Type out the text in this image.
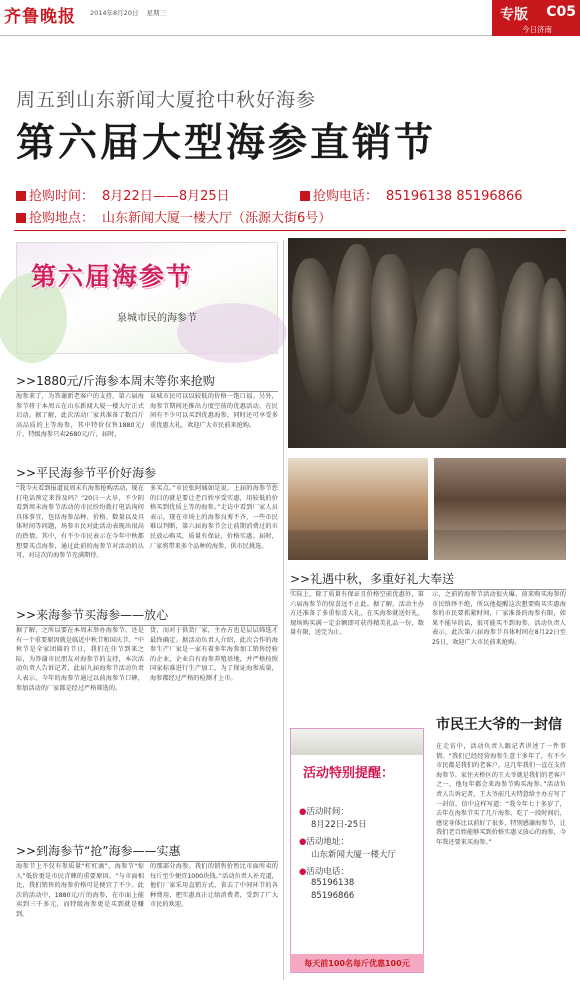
齐鲁晚报 2014年8月20日 星期三	专版 C05
今日济南
周五到山东新闻大厦抢中秋好海参
第六届大型海参直销节
抢购时间： 8月22日——8月25日	抢购电话： 85196138 85196866
抢购地点： 山东新闻大厦一楼大厅（泺源大街6号）
第六届海参节
泉城市民的海参节
>>1880元/斤海参本周末等你来抢购
海参来了，为答谢新老客户的支持，第六届海参节将于本周五在山东新闻大厦一楼大厅正式启动。据了解，此次活动厂家共准备了数百斤高品质的上等海参，其中特价仅售1880元/斤，特级海参只卖2680元/斤，届时，
泉城市民可以以较低的价格一饱口福。另外，海参节期间还推出力度空前的优惠活动，在民间有不少可以买到优惠海参，同时还可享受多重优惠大礼，欢迎广大市民前来抢购。
>>平民海参节平价好海参
“我今天看到报道说周末有海参抢购活动，现在打电话预定来得及吗？”20日一大早，不少阴看到周末海参节活动的市民纷纷拨打电话询问具体事宜，包括海参品种、价格、数量以及具体时间等问题，场参市民对此活动表现出很高的热情。其中，有不少市民表示在今年中秋都想要买点海参，通过此前的海参节对活动的认可，对这次的海参节充满期待。
多买点。”市民张阿姨如是说。上届的海参节您的目的就是要让老百姓享受实惠，用较低的价格买到优质上等的海参。”走访中看到厂家人员表示，现在市场上的海参良莠不齐，一些市民难以判断，第六届海参节会让前期消费过的市民放心购买，质量有保证，价格实惠。届时，厂家将带来多个品种的海参，供市民挑选。
>>来海参节买海参——放心
据了解，之所以要在本周末举办海参节，还是有一个重要原因就是临近中秋节和国庆节。“中秋节是全家团圆的节日，我们在佳节到来之际，为答谢市民朋友对海参节的支持，本次活动负责人告诉记者，此届九届海参节活动负责人表示，今年的海参节通过以前海参节口碑，参加活动的厂家都是经过严格筛选的。
货，而对于供货厂家，主办方也是层层筛选才最终确定。据活动负责人介绍，此次合作的海参生产厂家是一家有着多年海参加工销售经验的企业，企业自有海参养殖基地，并严格按照国家标准进行生产加工，为了保证海参质量，海参都经过严格的检测才上市。
>>到海参节“抢”海参——实惠
海参节上不仅有参质量“杠杠滴”，海参节“惊人”低价更是市民青睐的重要原因。“与市面相比，我们销售的海参价格可是便宜了不少。此次的活动中，1880元/斤的海参，在市面上能卖到三千多元，而特级海参更是买到就是赚到。
的那部分海参。我们的销售价暂比市面所卖的每斤至少便宜1000块钱。”活动负责人补充道，他们厂家采用直销方式，省去了中间环节的各种费用，把实惠真正让给消费者，受到了广大市民的欢迎。
>>礼遇中秋，多重好礼大奉送
实际上，除了质量有保证且价格空前优惠外，第六届海参节的惊喜远不止此。据了解，活动主办方还准备了多重惊喜大礼，在买海参就送好礼，现场购买满一定金额即可获得精美礼品一份，数量有限，送完为止。
示，之前的海参节活动很火爆，前来购买海参的市民络绎不绝，所以他提醒这次想要购买实惠海参的市民要抓紧时间，厂家准备的海参有限，如果不能早的话，很可能买不到海参。活动负责人表示，此次第六届海参节具体时间在8月22日至25日，欢迎广大市民前来抢购。
活动特别提醒：
●活动时间：
8月22日-25日
●活动地址：
山东新闻大厦一楼大厅
●活动电话：
85196138
85196866
每天前100名每斤优惠100元
市民王大爷的一封信
在走访中，活动负责人跟记者讲述了一件事情。“我们已经经营海参生意十多年了，有不少市民都是我们的老客户，这几年我们一直在支持海参节。家住天桥区的王大爷就是我们的老客户之一，他每年都会来海参节购买海参。”活动负责人告诉记者，王大爷前几天特意给主办方写了一封信，信中这样写道：“我今年七十多岁了，去年在海参节买了几斤海参，吃了一段时间后，感觉身体比以前好了很多，特别感谢海参节，让我们老百姓能够买到价格实惠又放心的海参，今年我还要来买海参。”
